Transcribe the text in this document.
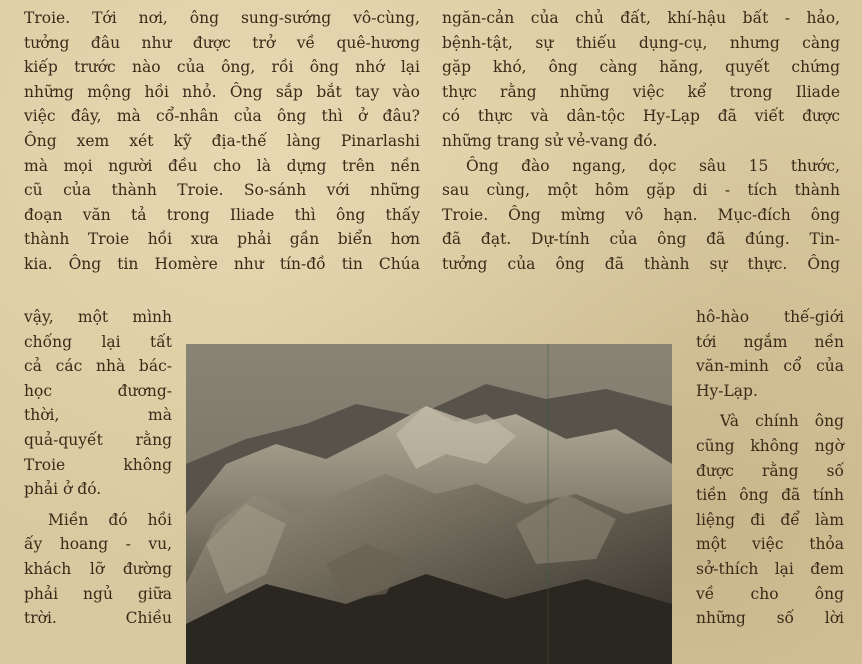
Troie. Tới nơi, ông sung-sướng vô-cùng,
tưởng đâu như được trở về quê-hương
kiếp trước nào của ông, rồi ông nhớ lại
những mộng hồi nhỏ. Ông sắp bắt tay vào
việc đây, mà cổ-nhân của ông thì ở đâu?
Ông xem xét kỹ địa-thế làng Pinarlashi
mà mọi người đều cho là dựng trên nền
cũ của thành Troie. So-sánh với những
đoạn văn tả trong Iliade thì ông thấy
thành Troie hồi xưa phải gần biển hơn
kia. Ông tin Homère như tín-đồ tin Chúa
vậy, một mình
chống lại tất
cả các nhà bác-
học đương-
thời, mà
quả-quyết rằng
Troie không
phải ở đó.
Miền đó hồi
ấy hoang - vu,
khách lỡ đường
phải ngủ giữa
trời. Chiều
ngăn-cản của chủ đất, khí-hậu bất - hảo,
bệnh-tật, sự thiếu dụng-cụ, nhưng càng
gặp khó, ông càng hăng, quyết chứng
thực rằng những việc kể trong Iliade
có thực và dân-tộc Hy-Lạp đã viết được
những trang sử vẻ-vang đó.
Ông đào ngang, dọc sâu 15 thước,
sau cùng, một hôm gặp di - tích thành
Troie. Ông mừng vô hạn. Mục-đích ông
đã đạt. Dự-tính của ông đã đúng. Tin-
tưởng của ông đã thành sự thực. Ông
hô-hào thế-giới
tới ngắm nền
văn-minh cổ của
Hy-Lạp.
Và chính ông
cũng không ngờ
được rằng số
tiền ông đã tính
liệng đi để làm
một việc thỏa
sở-thích lại đem
về cho ông
những số lời
